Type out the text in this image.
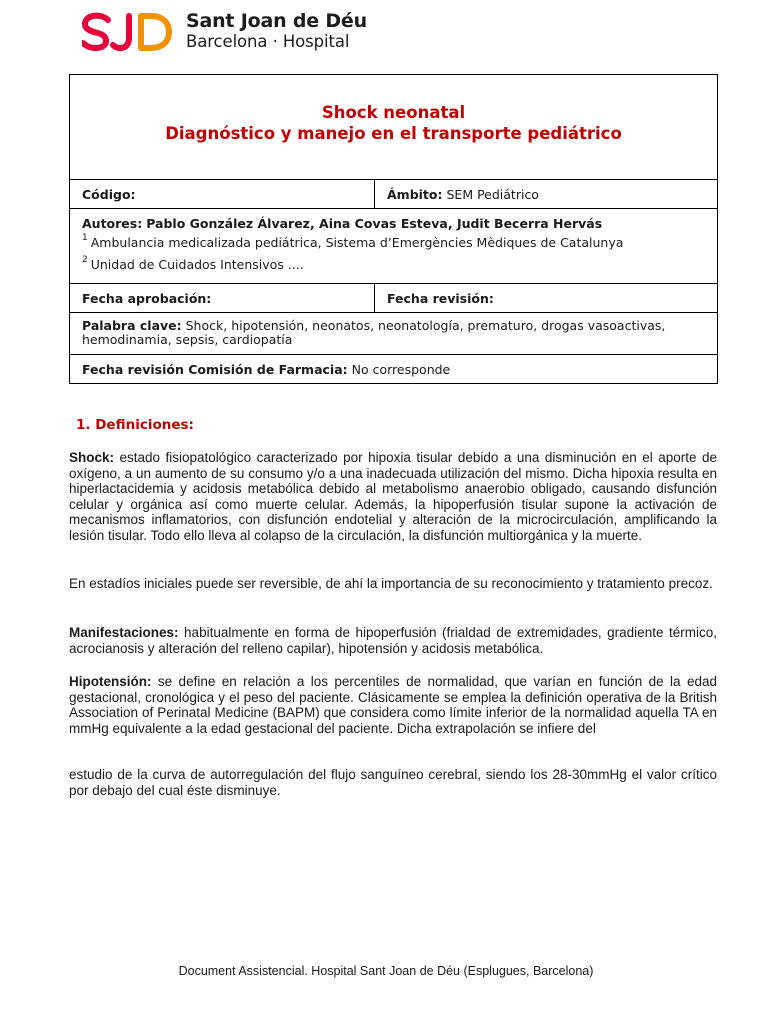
Sant Joan de Déu
Barcelona · Hospital
Shock neonatal
Diagnóstico y manejo en el transporte pediátrico
Código:	Ámbito:
SEM Pediátrico
Autores: Pablo González Álvarez, Aina Covas Esteva, Judit Becerra Hervás
1 Ambulancia medicalizada pediátrica, Sistema d’Emergències Mèdiques de Catalunya
2 Unidad de Cuidados Intensivos ....
Fecha aprobación:	Fecha revisión:
Palabra clave: Shock, hipotensión, neonatos, neonatología, prematuro, drogas vasoactivas, hemodinamia, sepsis, cardiopatía
Fecha revisión Comisión de Farmacia:
No corresponde
1. Definiciones:

Shock: estado fisiopatológico caracterizado por hipoxia tisular debido a una disminución en el aporte de oxígeno, a un aumento de su consumo y/o a una inadecuada utilización del mismo. Dicha hipoxia resulta en hiperlactacidemia y acidosis metabólica debido al metabolismo anaerobio obligado, causando disfunción celular y orgánica así como muerte celular. Además, la hipoperfusión tisular supone la activación de mecanismos inflamatorios, con disfunción endotelial y alteración de la microcirculación, amplificando la lesión tisular. Todo ello lleva al colapso de la circulación, la disfunción multiorgánica y la muerte.

En estadíos iniciales puede ser reversible, de ahí la importancia de su reconocimiento y tratamiento precoz.

Manifestaciones: habitualmente en forma de hipoperfusión (frialdad de extremidades, gradiente térmico, acrocianosis y alteración del relleno capilar), hipotensión y acidosis metabólica.

Hipotensión: se define en relación a los percentiles de normalidad, que varían en función de la edad gestacional, cronológica y el peso del paciente. Clásicamente se emplea la definición operativa de la British Association of Perinatal Medicine (BAPM) que considera como límite inferior de la normalidad aquella TA en mmHg equivalente a la edad gestacional del paciente. Dicha extrapolación se infiere del

estudio de la curva de autorregulación del flujo sanguíneo cerebral, siendo los 28-30mmHg el valor crítico por debajo del cual éste disminuye.

Document Assistencial. Hospital Sant Joan de Déu (Esplugues, Barcelona)
